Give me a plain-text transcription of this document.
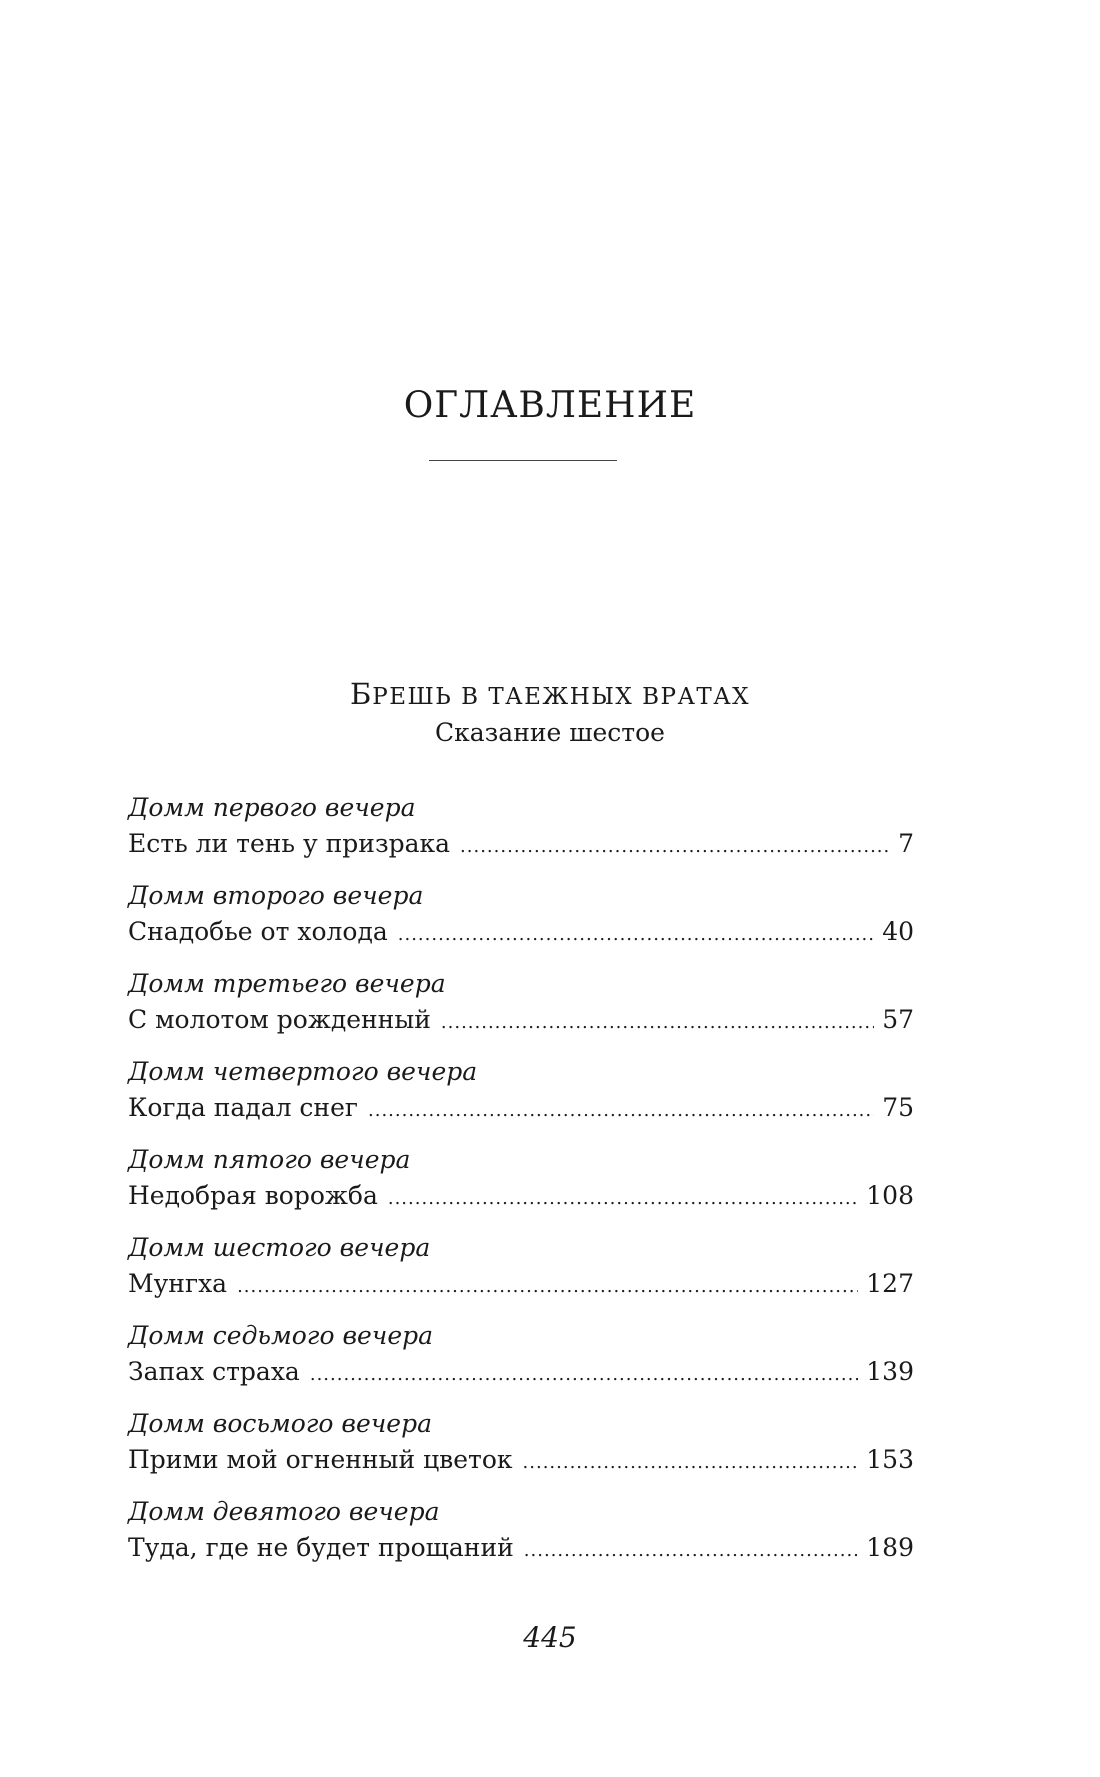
ОГЛАВЛЕНИЕ
БРЕШЬ В ТАЕЖНЫХ ВРАТАХ
Сказание шестое
Домм первого вечера
Есть ли тень у призрака .....	7
Домм второго вечера
Снадобье от холода .....	40
Домм третьего вечера
С молотом рожденный .....	57
Домм четвертого вечера
Когда падал снег .....	75
Домм пятого вечера
Недобрая ворожба .....	108
Домм шестого вечера
Мунгха .....	127
Домм седьмого вечера
Запах страха .....	139
Домм восьмого вечера
Прими мой огненный цветок .....	153
Домм девятого вечера
Туда, где не будет прощаний .....	189
445
